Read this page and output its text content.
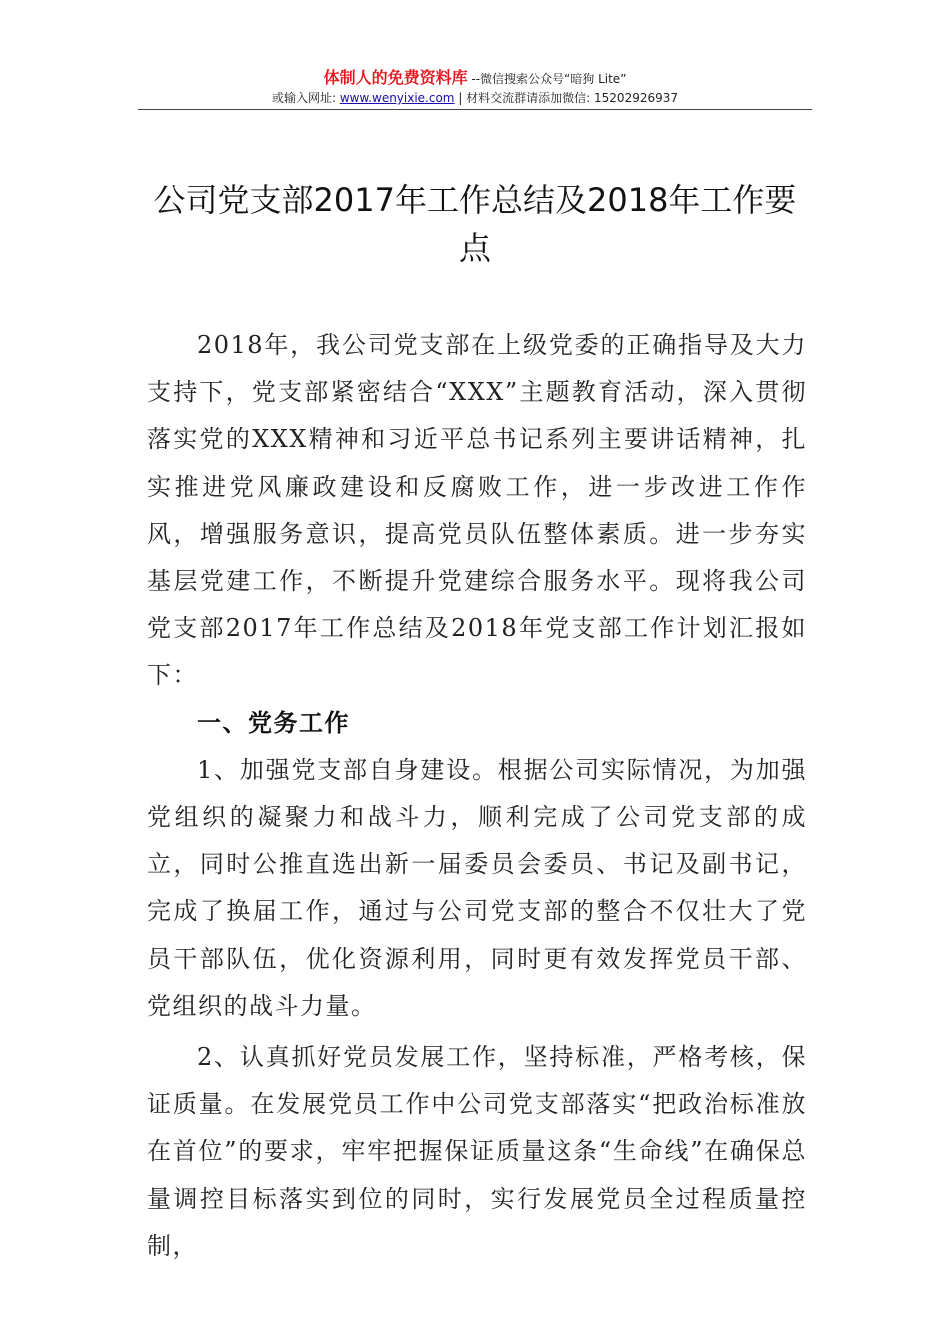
体制人的免费资料库 --微信搜索公众号“暗狗 Lite”
或输入网址: www.wenyixie.com | 材料交流群请添加微信: 15202926937
公司党支部2017年工作总结及2018年工作要点

2018年，我公司党支部在上级党委的正确指导及大力支持下，党支部紧密结合“XXX”主题教育活动，深入贯彻落实党的XXX精神和习近平总书记系列主要讲话精神，扎实推进党风廉政建设和反腐败工作，进一步改进工作作风，增强服务意识，提高党员队伍整体素质。进一步夯实基层党建工作，不断提升党建综合服务水平。现将我公司党支部2017年工作总结及2018年党支部工作计划汇报如下：

一、党务工作

1、加强党支部自身建设。根据公司实际情况，为加强党组织的凝聚力和战斗力，顺利完成了公司党支部的成立，同时公推直选出新一届委员会委员、书记及副书记，完成了换届工作，通过与公司党支部的整合不仅壮大了党员干部队伍，优化资源利用，同时更有效发挥党员干部、党组织的战斗力量。

2、认真抓好党员发展工作，坚持标准，严格考核，保证质量。在发展党员工作中公司党支部落实“把政治标准放在首位”的要求，牢牢把握保证质量这条“生命线”在确保总量调控目标落实到位的同时，实行发展党员全过程质量控制，
